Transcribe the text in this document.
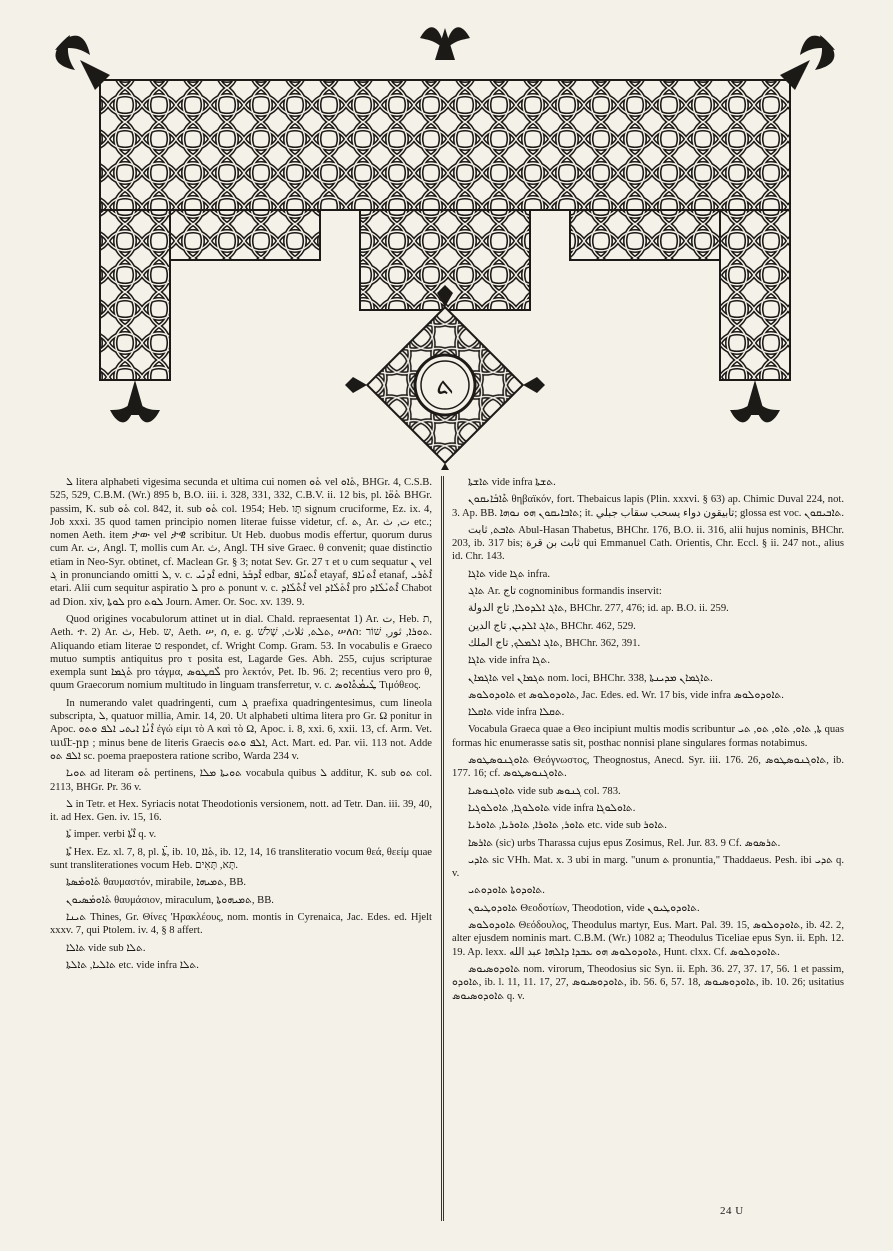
ܬ

ܠ litera alphabeti vigesima secunda et ultima cui nomen ܬܰܘ vel ܬܰܐܘ, BHGr. 4, C.S.B. 525, 529, C.B.M. (Wr.) 895 b, B.O. iii. i. 328, 331, 332, C.B.V. ii. 12 bis, pl. ܬܰܘ̈ܐ BHGr. passim, K. sub ܬܰܘ col. 842, it. sub ܬܰܘ col. 1954; Heb. תָּו signum cruciforme, Ez. ix. 4, Job xxxi. 35 quod tamen principio nomen literae fuisse videtur, cf. ܬ, Ar. ت, ث etc.; nomen Aeth. item ታው vel ታዊ scribitur. Ut Heb. duobus modis effertur, quorum durus cum Ar. ت, Angl. T, mollis cum Ar. ث, Angl. TH sive Graec. θ convenit; quae distinctio etiam in Neo-Syr. obtinet, cf. Maclean Gr. § 3; notat Sev. Gr. 27 τ et υ cum sequatur ܢ vel ܓ in pronunciando omitti ܠ, v. c. ܐܶܕܢܺܝ edni, ܐܶܕܒܰܪ edbar, ܐܶܬܝܰܐܦ etayaf, ܐܶܬܢܰܐܦ etanaf, ܐܶܬܰܪܝ etari. Alii cum sequitur aspiratio ܠ pro ܬ ponunt v. c. ܐܶܬܶܠܰܐܕ vel ܐܶܬܰܠܰܐܕ pro ܐܶܬܝܰܠܰܐܕ Chabot ad Dion. xiv, ܠܘܬܐ pro ܠܘܬ Journ. Amer. Or. Soc. xv. 139. 9.

Quod origines vocabulorum attinet ut in dial. Chald. repraesentat 1) Ar. ت, Heb. ת, Aeth. ተ. 2) Ar. ث, Heb. ש, Aeth. ሠ, ሰ, e. g. ܬܠܬ, ثلاث, שָׁלֹשׁ, ሠለስ: ܬܘܪܐ, ثور, שׁוֹר. Aliquando etiam literae ט respondet, cf. Wright Comp. Gram. 53. In vocabulis e Graeco mutuo sumptis antiquitus pro τ posita est, Lagarde Ges. Abh. 255, cujus scripturae exempla sunt ܬܰܓܡܐ pro τάγμα, ܠܶܩܛܘܣ pro λεκτόν, Pet. Ib. 96. 2; recentius vero pro θ, quum Graecorum nomium multitudo in linguam transferretur, v. c. ܛܺܝܡܳܬܶܐܘܣ Τιμόθεος.

In numerando valet quadringenti, cum ܓ praefixa quadringentesimus, cum lineola subscripta, ܠ, quatuor millia, Amir. 14, 20. Ut alphabeti ultima litera pro Gr. Ω ponitur in Apoc. ܐܶܢܳܐ ܐܝܬܝ ܐܠܦ ܘܬܘ ἐγώ εἰμι τὸ Α καὶ τὸ Ω, Apoc. i. 8, xxi. 6, xxii. 13, cf. Arm. Vet. ամէ-րբ ; minus bene de literis Graecis ܐܠܦ ܘܬܘ, Act. Mart. ed. Par. vii. 113 not. Adde ܐܠܦ ܬܘ sc. poema praepostera ratione scribo, Warda 234 v.

ܬܘܝܐ ad literam ܬܰܘ pertinens, ܬܘܝܬܐ ܡܠܐ vocabula quibus ܠ additur, K. sub ܬܘ col. 2113, BHGr. Pr. 36 v.

ܠ in Tetr. et Hex. Syriacis notat Theodotionis versionem, nott. ad Tetr. Dan. iii. 39, 40, it. ad Hex. Gen. iv. 15, 16.

ܬܰܐ imper. verbi ܐܶܬܳܐ q. v.

ܬܶܐ Hex. Ez. xl. 7, 8, pl. ܬܐ̈, ib. 10, ܬܰܐܐ, ib. 12, 14, 16 transliteratio vocum θεά, θεείμ quae sunt transliterationes vocum Heb. תָּא, תָּאִים.

ܬܰܐܘܡܰܣܬܐ θαυμαστόν, mirabile, ܬܡܝܗܐ, BB.

ܬܰܐܘܡܰܣܝܘܢ θαυμάσιον, miraculum, ܬܡܝܗܘܬܐ, BB.

ܬܝܢܐ Thines, Gr. Θίνες 'Ηρακλέους, nom. montis in Cyrenaica, Jac. Edes. ed. Hjelt xxxv. 7, qui Ptolem. iv. 4, § 8 affert.

ܬܐܠܐ vide sub ܬܠܐ.

ܬܐܠܝܐ, ܬܐܠܬܐ etc. vide infra ܬܠܐ.

ܬܐܫܬܐ vide infra ܬܫܬܐ.

ܬܶܐܒܰܐܝܩܘܢ θηβαϊκόν, fort. Thebaicus lapis (Plin. xxxvi. § 63) ap. Chimic Duval 224, not. 3. Ap. BB. ܬܐܒܐܝܩܘܢ ܗܘ ܢܘܗܐ; it. تابيقون دواء يسحب سقاب جبلي; glossa est voc. ܬܐܒܝܩܘܢ.

ܬܐܒܬ, ثابت Abul-Hasan Thabetus, BHChr. 176, B.O. ii. 316, alii hujus nominis, BHChr. 203, ib. 317 bis; ثابت بن قرة qui Emmanuel Cath. Orientis, Chr. Eccl. § ii. 247 not., alius id. Chr. 143.

ܬܐܓܐ vide ܬܓܐ infra.

ܬܐܓ Ar. تاج cognominibus formandis inservit:

ܬܐܓ ܐܠܕܘܠܐ, تاج الدولة, BHChr. 277, 476; id. ap. B.O. ii. 259.

ܬܐܓ ܐܠܕܝܢ, تاج الدين, BHChr. 462, 529.

ܬܐܓ ܐܠܡܠܟ, تاج الملك, BHChr. 362, 391.

ܬܐܓܐ vide infra ܬܓܐ.

ܬܐܓܡܐܢ vel ܬܓܡܐܢ nom. loci, BHChr. 338, ܬܐܓܡܐܢ ܡܕܝܢܬܐ.

ܬܐܘܕܘܠܘܣ et ܬܐܘܕܘܠܘܣ, Jac. Edes. ed. Wr. 17 bis, vide infra ܬܐܘܕܘܠܘܣ.

ܬܐܩܠܐ vide infra ܬܩܠܐ.

Vocabula Graeca quae a Θεο incipiunt multis modis scribuntur ܬܐ, ܬܐܘ, ܬܐܘ, ܬܘ, ܬܝ quas formas hic enumerasse satis sit, posthac nonnisi plane singulares formas notabimus.

ܬܐܘܓܢܘܣܛܘܣ Θεόγνωστος, Theognostus, Anecd. Syr. iii. 176. 26, ܬܐܘܓܢܘܣܛܘܣ, ib. 177. 16; cf. ܬܐܘܓܢܘܣܛܘܣ.

ܬܐܘܓܢܘܣܝܐ vide sub ܓܢܘܣ col. 783.

ܬܐܘܠܘܓܐ, ܬܐܘܠܘܓܝܐ vide infra ܬܐܘܠܘܓܐ.

ܬܐܘܪ, ܬܐܘܪܐ, ܬܐܘܪܝܐ, ܬܐܘܪܝܐ etc. vide sub ܬܐܘܪ.

ܬܐܪܣܐ (sic) urbs Tharassa cujus epus Zosimus, Rel. Jur. 83. 9 Cf. ܬܪܣܘܣ.

ܬܐܕܝ sic VHh. Mat. x. 3 ubi in marg. "unum ܬ pronuntia," Thaddaeus. Pesh. ibi ܬܕܝ q. v.

ܬܐܘܕܘܬܐ ܬܐܘܕܘܬܝ.

ܬܐܘܕܘܛܝܘܢ Θεοδοτίων, Theodotion, vide ܬܐܘܕܘܛܝܘܢ.

ܬܐܘܕܘܠܘܣ Θεόδουλος, Theodulus martyr, Eus. Mart. Pal. 39. 15, ܬܐܘܕܘܠܘܣ, ib. 42. 2, alter ejusdem nominis mart. C.B.M. (Wr.) 1082 a; Theodulus Ticeliae epus Syn. ii. Eph. 12. 19. Ap. lexx. ܬܐܘܕܘܠܘܣ ܗܘ ܥܒܕܐ ܕܐܠܗܐ عبد الله, Hunt. clxx. Cf. ܬܐܘܕܘܠܘܣ.

ܬܐܘܕܘܣܝܘܣ nom. virorum, Theodosius sic Syn. ii. Eph. 36. 27, 37. 17, 56. 1 et passim, ܬܐܘܕܘ, ib. l. 11, 11. 17, 27, ܬܐܘܕܘܣܝܘܣ, ib. 56. 6, 57. 18, ܬܐܘܕܘܣܝܘܣ, ib. 10. 26; usitatius ܬܐܘܕܘܣܝܘܣ q. v.

24 U
